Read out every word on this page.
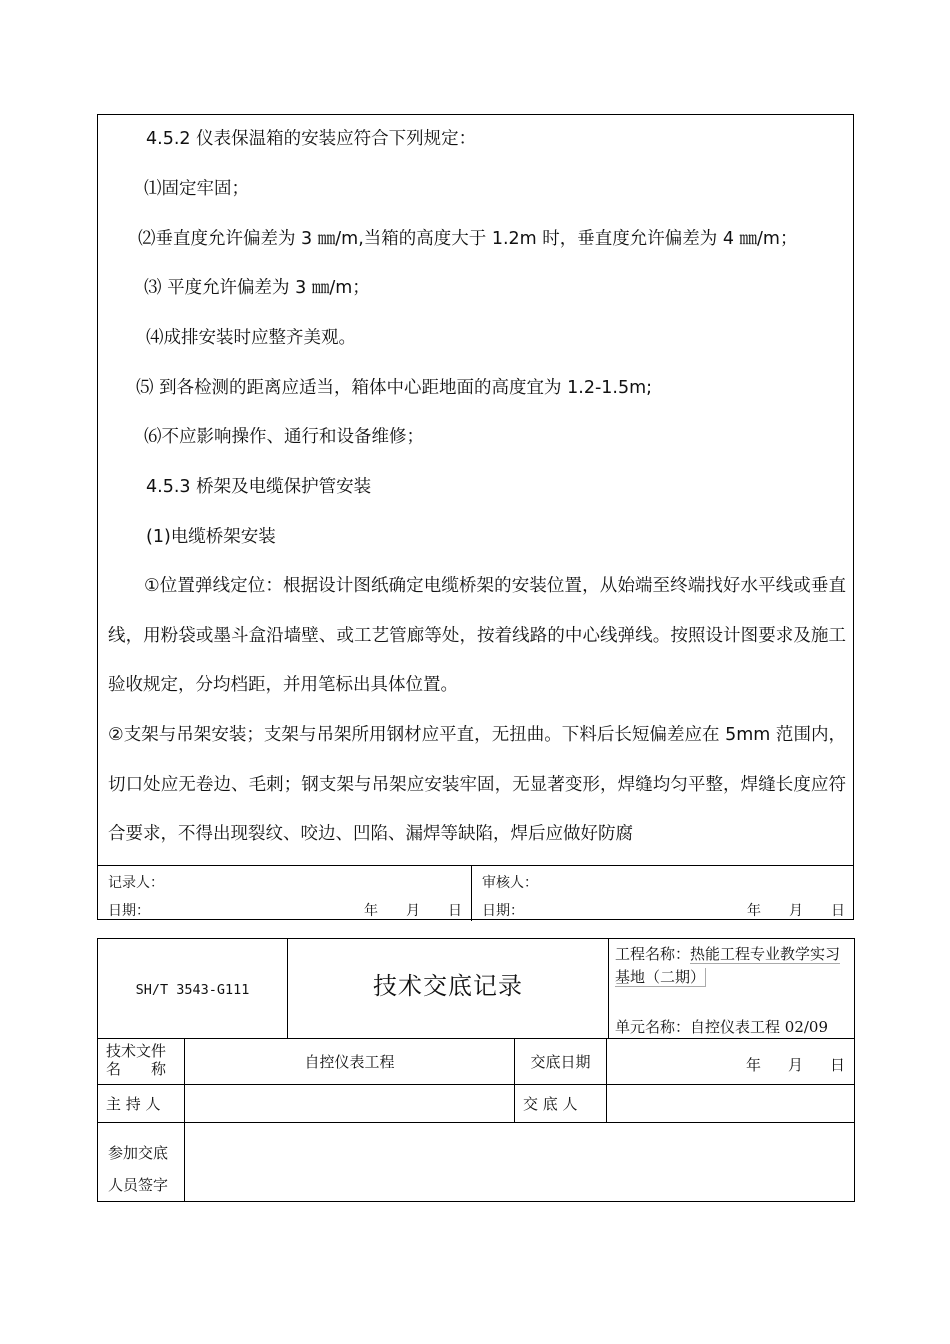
4.5.2 仪表保温箱的安装应符合下列规定：
⑴固定牢固；
⑵垂直度允许偏差为 3 ㎜/m,当箱的高度大于 1.2m 时，垂直度允许偏差为 4 ㎜/m；
⑶ 平度允许偏差为 3 ㎜/m；
⑷成排安装时应整齐美观。
⑸ 到各检测的距离应适当，箱体中心距地面的高度宜为 1.2-1.5m;
⑹不应影响操作、通行和设备维修；
4.5.3 桥架及电缆保护管安装
(1)电缆桥架安装
①位置弹线定位：根据设计图纸确定电缆桥架的安装位置，从始端至终端找好水平线或垂直线，用粉袋或墨斗盒沿墙壁、或工艺管廊等处，按着线路的中心线弹线。按照设计图要求及施工验收规定，分均档距，并用笔标出具体位置。
②支架与吊架安装；支架与吊架所用钢材应平直，无扭曲。下料后长短偏差应在 5mm 范围内，切口处应无卷边、毛刺；钢支架与吊架应安装牢固，无显著变形，焊缝均匀平整，焊缝长度应符合要求，不得出现裂纹、咬边、凹陷、漏焊等缺陷，焊后应做好防腐
记录人：
日期：	年 月 日
审核人：
日期：	年 月 日
SH/T 3543-G111	技术交底记录
工程名称：热能工程专业教学实习基地（二期）
单元名称：自控仪表工程 02/09
技术文件
名　　称	自控仪表工程	交底日期	年 月 日
主 持 人	交 底 人
参加交底
人员签字
